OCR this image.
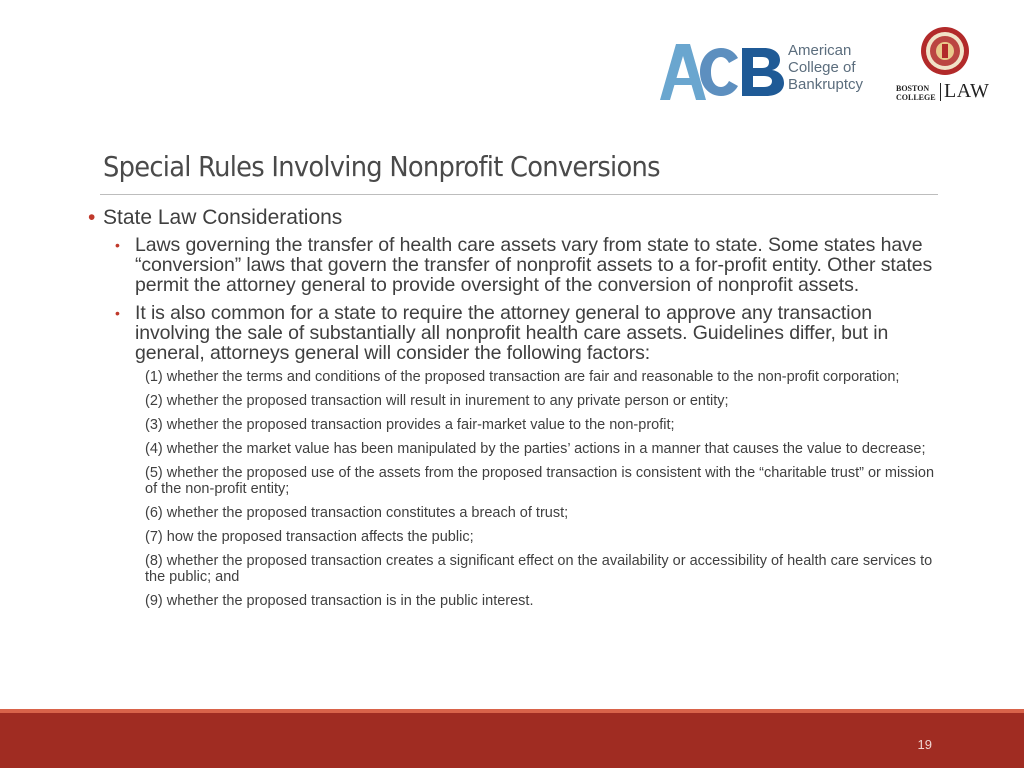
American
College of
Bankruptcy	BOSTON
COLLEGE LAW
Special Rules Involving Nonprofit Conversions
• State Law Considerations
• Laws governing the transfer of health care assets vary from state to state. Some states have “conversion” laws that govern the transfer of nonprofit assets to a for-profit entity. Other states permit the attorney general to provide oversight of the conversion of nonprofit assets.
• It is also common for a state to require the attorney general to approve any transaction involving the sale of substantially all nonprofit health care assets. Guidelines differ, but in general, attorneys general will consider the following factors:
(1) whether the terms and conditions of the proposed transaction are fair and reasonable to the non-profit corporation;
(2) whether the proposed transaction will result in inurement to any private person or entity;
(3) whether the proposed transaction provides a fair-market value to the non-profit;
(4) whether the market value has been manipulated by the parties’ actions in a manner that causes the value to decrease;
(5) whether the proposed use of the assets from the proposed transaction is consistent with the “charitable trust” or mission of the non-profit entity;
(6) whether the proposed transaction constitutes a breach of trust;
(7) how the proposed transaction affects the public;
(8) whether the proposed transaction creates a significant effect on the availability or accessibility of health care services to the public; and
(9) whether the proposed transaction is in the public interest.
19
